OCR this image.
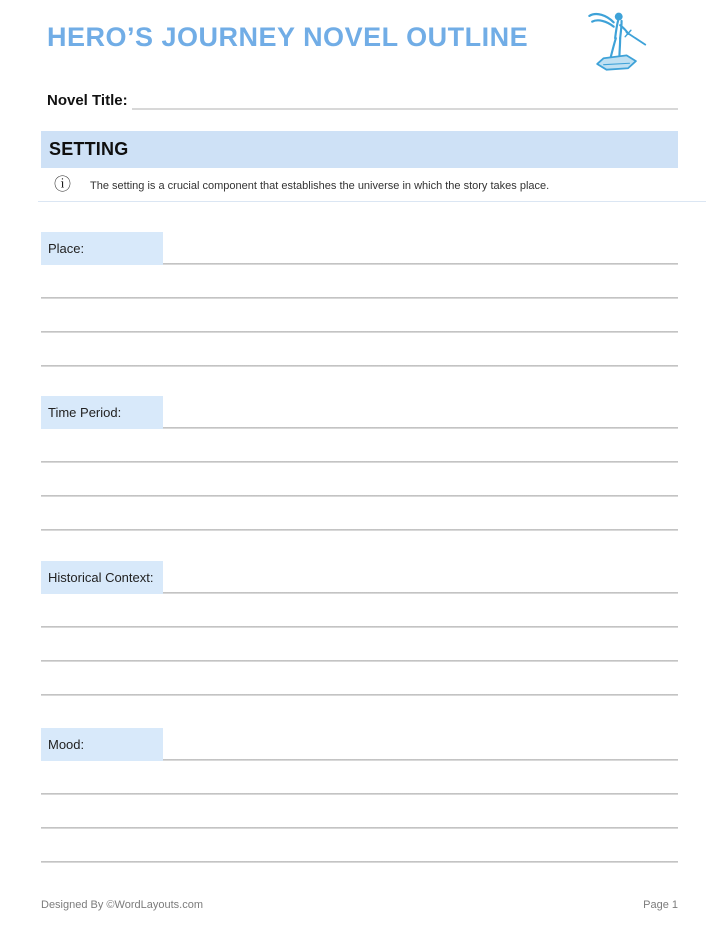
HERO’S JOURNEY NOVEL OUTLINE
Novel Title:
SETTING
ⓘ The setting is a crucial component that establishes the universe in which the story takes place.
Place:
Time Period:
Historical Context:
Mood:
Designed By ©WordLayouts.com	Page 1
